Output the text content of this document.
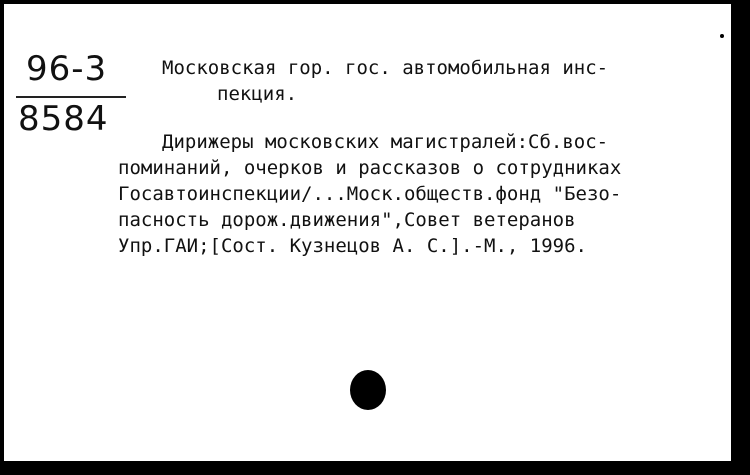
96-3
8584
Московская гор. гос. автомобильная инс-
пекция.
Дирижеры московских магистралей:Сб.вос-
поминаний, очерков и рассказов о сотрудниках
Госавтоинспекции/...Моск.обществ.фонд "Безо-
пасность дорож.движения",Совет ветеранов
Упр.ГАИ;[Сост. Кузнецов А. С.].-М., 1996.
